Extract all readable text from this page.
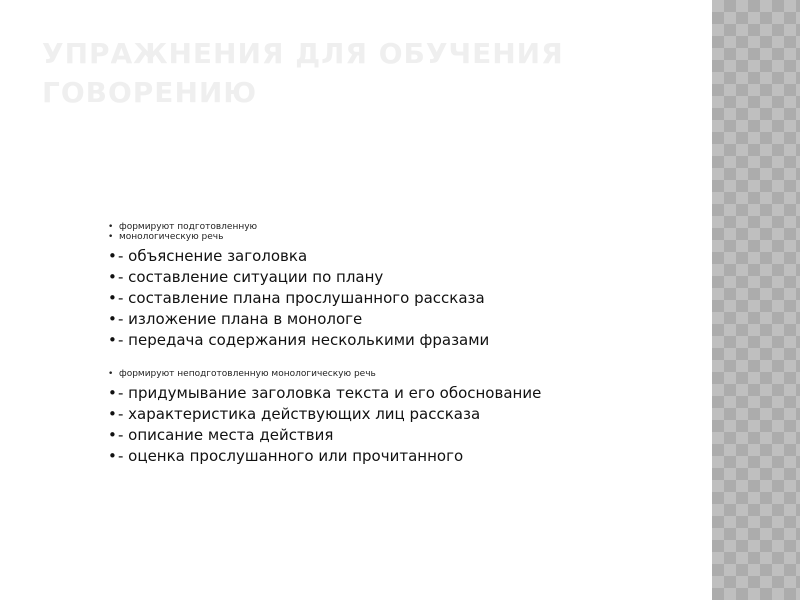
УПРАЖНЕНИЯ ДЛЯ ОБУЧЕНИЯ ГОВОРЕНИЮ
• формируют подготовленную
• монологическую речь
• - объяснение заголовка
• - составление ситуации по плану
• - составление плана прослушанного рассказа
• - изложение плана в монологе
• - передача содержания несколькими фразами
• формируют неподготовленную монологическую речь
• - придумывание заголовка текста и его обоснование
• - характеристика действующих лиц рассказа
• - описание места действия
• - оценка прослушанного или прочитанного
